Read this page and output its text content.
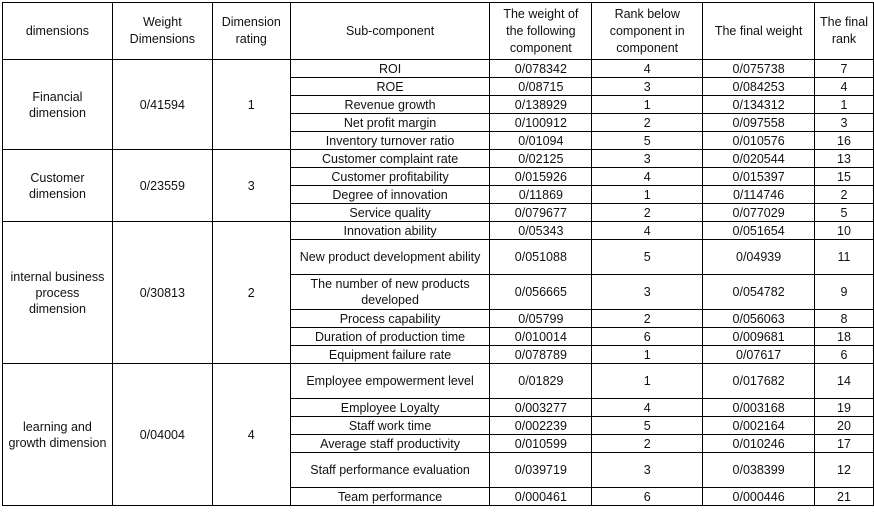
dimensions	Weight Dimensions	Dimension rating	Sub-component	The weight of the following component	Rank below component in component	The final weight	The final rank
Financial dimension	0/41594	1	ROI	0/078342	4	0/075738	7
			ROE	0/08715	3	0/084253	4
			Revenue growth	0/138929	1	0/134312	1
			Net profit margin	0/100912	2	0/097558	3
			Inventory turnover ratio	0/01094	5	0/010576	16
Customer dimension	0/23559	3	Customer complaint rate	0/02125	3	0/020544	13
			Customer profitability	0/015926	4	0/015397	15
			Degree of innovation	0/11869	1	0/114746	2
			Service quality	0/079677	2	0/077029	5
internal business process dimension	0/30813	2	Innovation ability	0/05343	4	0/051654	10
			New product development ability	0/051088	5	0/04939	11
			The number of new products developed	0/056665	3	0/054782	9
			Process capability	0/05799	2	0/056063	8
			Duration of production time	0/010014	6	0/009681	18
			Equipment failure rate	0/078789	1	0/07617	6
learning and growth dimension	0/04004	4	Employee empowerment level	0/01829	1	0/017682	14
			Employee Loyalty	0/003277	4	0/003168	19
			Staff work time	0/002239	5	0/002164	20
			Average staff productivity	0/010599	2	0/010246	17
			Staff performance evaluation	0/039719	3	0/038399	12
			Team performance	0/000461	6	0/000446	21
